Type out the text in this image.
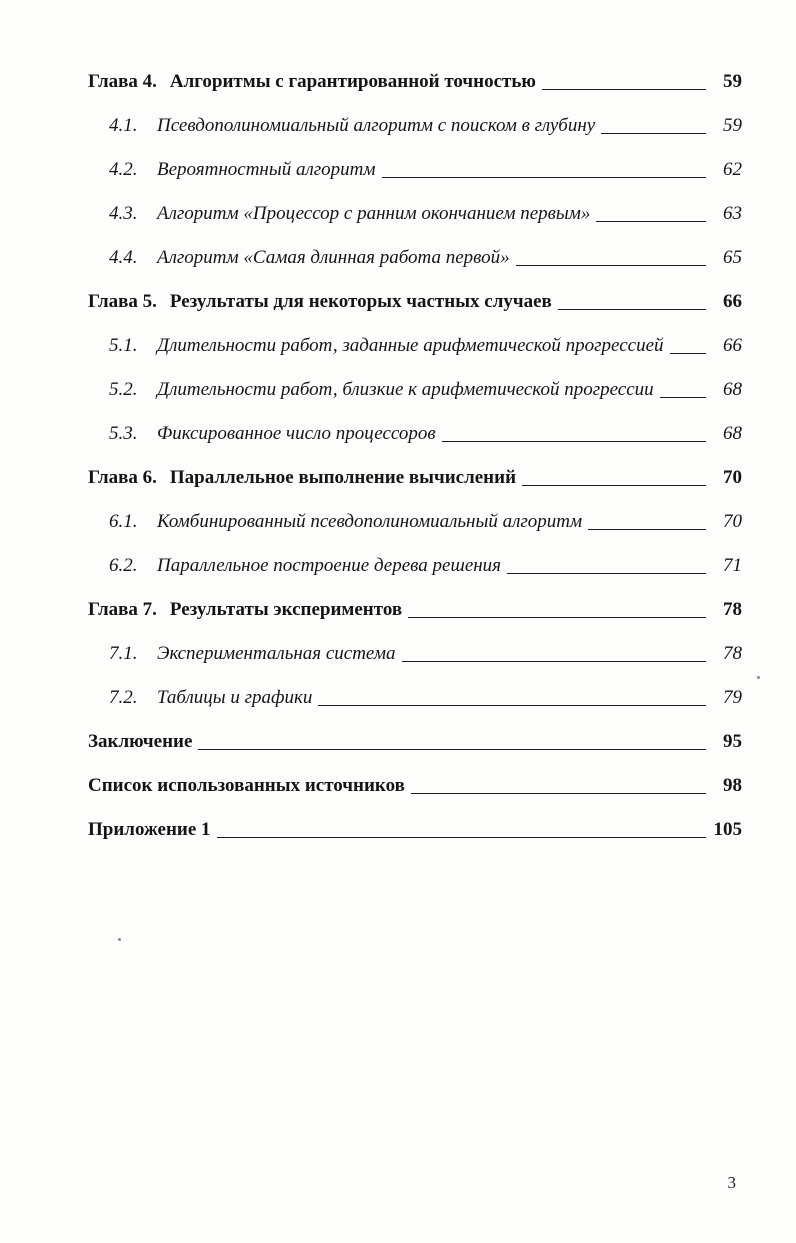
Глава 4. Алгоритмы с гарантированной точностью	59
4.1. Псевдополиномиальный алгоритм с поиском в глубину	59
4.2. Вероятностный алгоритм	62
4.3. Алгоритм «Процессор с ранним окончанием первым»	63
4.4. Алгоритм «Самая длинная работа первой»	65
Глава 5. Результаты для некоторых частных случаев	66
5.1. Длительности работ, заданные арифметической прогрессией	66
5.2. Длительности работ, близкие к арифметической прогрессии	68
5.3. Фиксированное число процессоров	68
Глава 6. Параллельное выполнение вычислений	70
6.1. Комбинированный псевдополиномиальный алгоритм	70
6.2. Параллельное построение дерева решения	71
Глава 7. Результаты экспериментов	78
7.1. Экспериментальная система	78
7.2. Таблицы и графики	79
Заключение	95
Список использованных источников	98
Приложение 1	105
3
